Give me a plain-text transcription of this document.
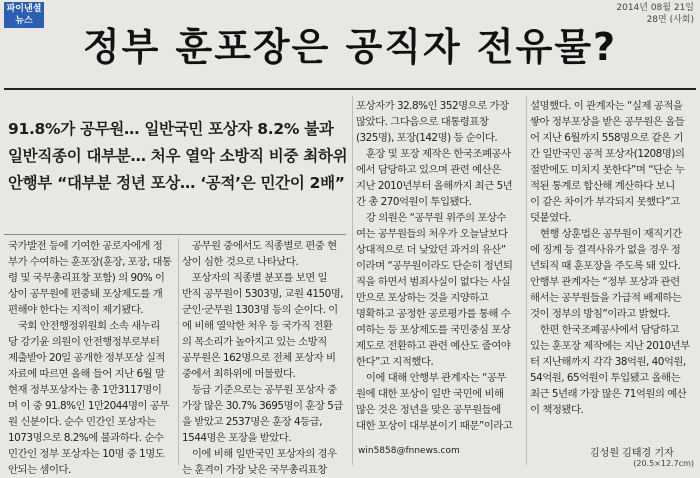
파이낸셜
뉴스
2014년 08월 21일
28면 (사회)
정부 훈포장은 공직자 전유물?
91.8%가 공무원… 일반국민 포상자 8.2% 불과
일반직종이 대부분… 처우 열악 소방직 비중 최하위
안행부 “대부분 정년 포상… ‘공적’은 민간이 2배”
국가발전 등에 기여한 공로자에게 정
부가 수여하는 훈포장(훈장, 포장, 대통
령 및 국무총리표창 포함) 의 90% 이
상이 공무원에 편중돼 포상제도를 개
편해야 한다는 지적이 제기됐다.
　국회 안전행정위원회 소속 새누리
당 강기윤 의원이 안전행정부로부터
제출받아 20일 공개한 정부포상 실적
자료에 따르면 올해 들어 지난 6월 말
현재 정부포상자는 총 1만3117명이
며 이 중 91.8%인 1만2044명이 공무
원 신분이다. 순수 민간인 포상자는
1073명으로 8.2%에 불과하다. 순수
민간인 정부 포상자는 10명 중 1명도
안되는 셈이다.
　공무원 중에서도 직종별로 편중 현
상이 심한 것으로 나타났다.
　포상자의 직종별 분포를 보면 일
반직 공무원이 5303명, 교원 4150명,
군인·군무원 1303명 등의 순이다. 이
에 비해 열악한 처우 등 국가직 전환
의 목소리가 높아지고 있는 소방직
공무원은 162명으로 전체 포상자 비
중에서 최하위에 머물렀다.
　등급 기준으로는 공무원 포상자 중
가장 많은 30.7% 3695명이 훈장 5급
을 받았고 2537명은 훈장 4등급,
1544명은 포장을 받았다.
　이에 비해 일반국민 포상자의 경우
는 훈격이 가장 낮은 국무총리표창
포상자가 32.8%인 352명으로 가장
많았다. 그다음으로 대통령표창
(325명), 포장(142명) 등 순이다.
　훈장 및 포장 제작은 한국조폐공사
에서 담당하고 있으며 관련 예산은
지난 2010년부터 올해까지 최근 5년
간 총 270억원이 투입됐다.
　강 의원은 “공무원 위주의 포상수
여는 공무원들의 처우가 오늘날보다
상대적으로 더 낮았던 과거의 유산”
이라며 “공무원이라도 단순히 정년퇴
직을 하면서 범죄사실이 없다는 사실
만으로 포상하는 것을 지양하고
명확하고 공정한 공로평가를 통해 수
여하는 등 포상제도를 국민중심 포상
제도로 전환하고 관련 예산도 줄여야
한다”고 지적했다.
　이에 대해 안행부 관계자는 “공무
원에 대한 포상이 일반 국민에 비해
많은 것은 정년을 맞은 공무원들에
대한 포상이 대부분이기 때문”이라고
설명했다. 이 관계자는 “실제 공적을
쌓아 정부포상을 받은 공무원은 올들
어 지난 6월까지 558명으로 같은 기
간 일반국민 공적 포상자(1208명)의
절반에도 미치지 못한다”며 “단순 누
적된 통계로 합산해 계산하다 보니
이 같은 차이가 부각되지 못했다”고
덧붙였다.
　현행 상훈법은 공무원이 재직기간
에 징계 등 결격사유가 없을 경우 정
년퇴직 때 훈포장을 주도록 돼 있다.
안행부 관계자는 “정부 포상과 관련
해서는 공무원들을 가급적 배제하는
것이 정부의 방침”이라고 밝혔다.
　한편 한국조폐공사에서 담당하고
있는 훈포장 제작에는 지난 2010년부
터 지난해까지 각각 38억원, 40억원,
54억원, 65억원이 투입됐고 올해는
최근 5년래 가장 많은 71억원의 예산
이 책정됐다.
win5858@fnnews.com	김성원 김태경 기자
(20.5×12.7cm)
